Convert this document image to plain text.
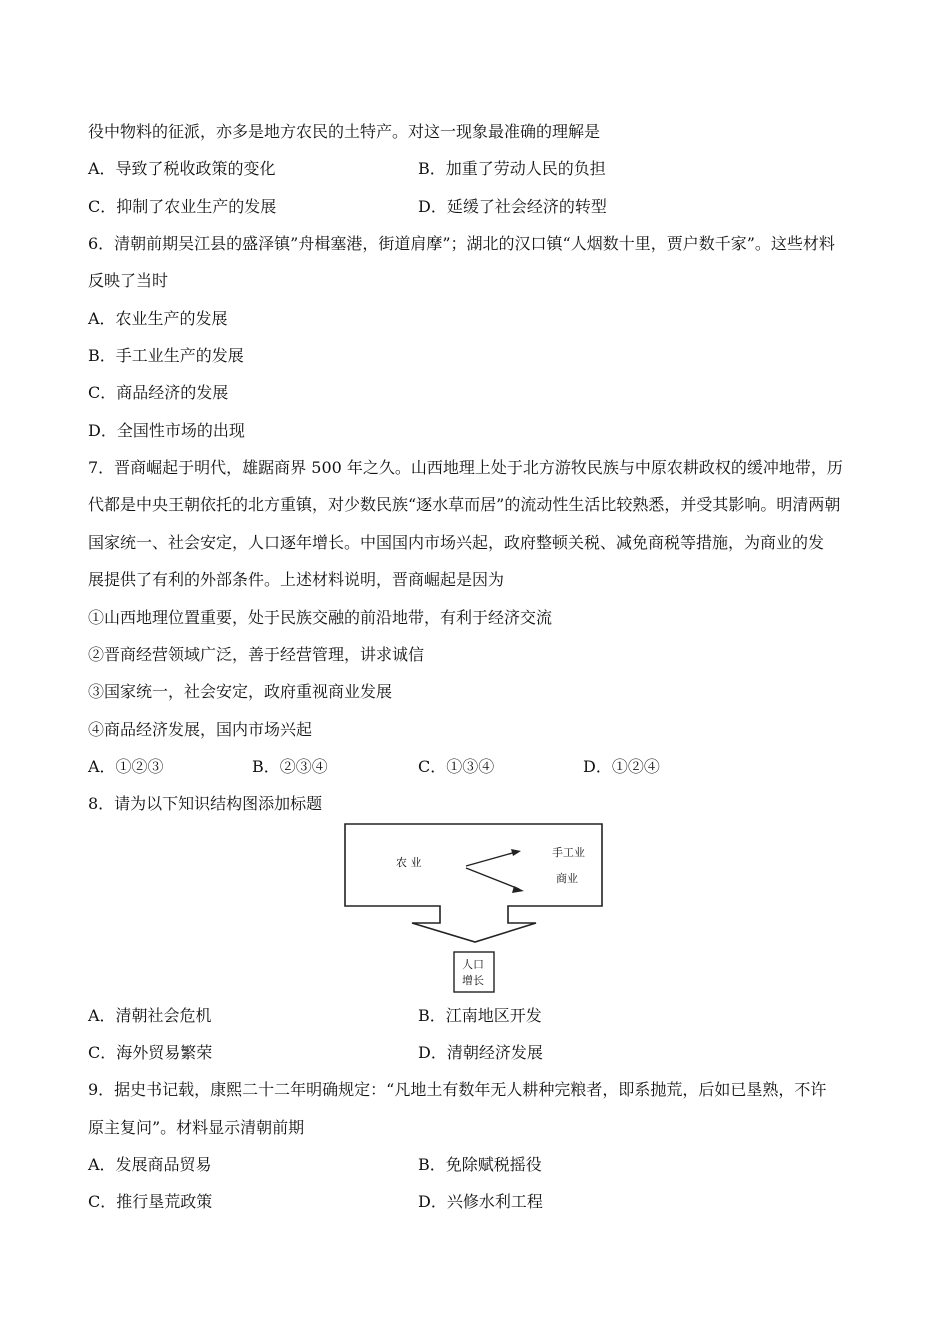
役中物料的征派，亦多是地方农民的土特产。对这一现象最准确的理解是
A．导致了税收政策的变化	B．加重了劳动人民的负担
C．抑制了农业生产的发展	D．延缓了社会经济的转型
6．清朝前期吴江县的盛泽镇”舟楫塞港，街道肩摩”；湖北的汉口镇“人烟数十里，贾户数千家”。这些材料
反映了当时
A．农业生产的发展
B．手工业生产的发展
C．商品经济的发展
D．全国性市场的出现
7．晋商崛起于明代，雄踞商界 500 年之久。山西地理上处于北方游牧民族与中原农耕政权的缓冲地带，历
代都是中央王朝依托的北方重镇，对少数民族“逐水草而居”的流动性生活比较熟悉，并受其影响。明清两朝
国家统一、社会安定，人口逐年增长。中国国内市场兴起，政府整顿关税、减免商税等措施，为商业的发
展提供了有利的外部条件。上述材料说明，晋商崛起是因为
①山西地理位置重要，处于民族交融的前沿地带，有利于经济交流
②晋商经营领域广泛，善于经营管理，讲求诚信
③国家统一，社会安定，政府重视商业发展
④商品经济发展，国内市场兴起
A．①②③	B．②③④	C．①③④	D．①②④
8．请为以下知识结构图添加标题
农 业
手工业
商业
人口
增长
A．清朝社会危机	B．江南地区开发
C．海外贸易繁荣	D．清朝经济发展
9．据史书记载，康熙二十二年明确规定：“凡地土有数年无人耕种完粮者，即系抛荒，后如已垦熟，不许
原主复问”。材料显示清朝前期
A．发展商品贸易	B．免除赋税摇役
C．推行垦荒政策	D．兴修水利工程
